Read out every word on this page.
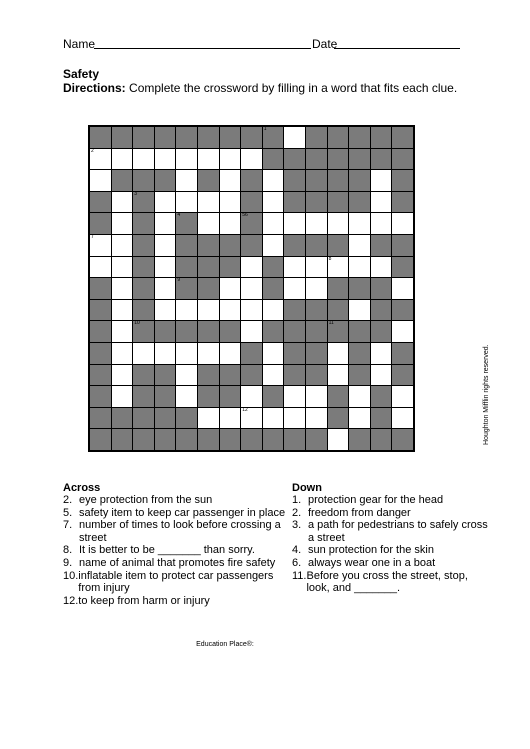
Name	Date
Safety
Directions: Complete the crossword by filling in a word that fits each clue.
1
2
3
4	56
7
8
9
10	11
12
Across
2. eye protection from the sun
5. safety item to keep car passenger in place
7. number of times to look before crossing a street
8. It is better to be _______ than sorry.
9. name of animal that promotes fire safety
10. inflatable item to protect car passengers from injury
12. to keep from harm or injury
Down
1. protection gear for the head
2. freedom from danger
3. a path for pedestrians to safely cross a street
4. sun protection for the skin
6. always wear one in a boat
11. Before you cross the street, stop, look, and _______.
Education Place®:
Houghton Mifflin rights reserved.
